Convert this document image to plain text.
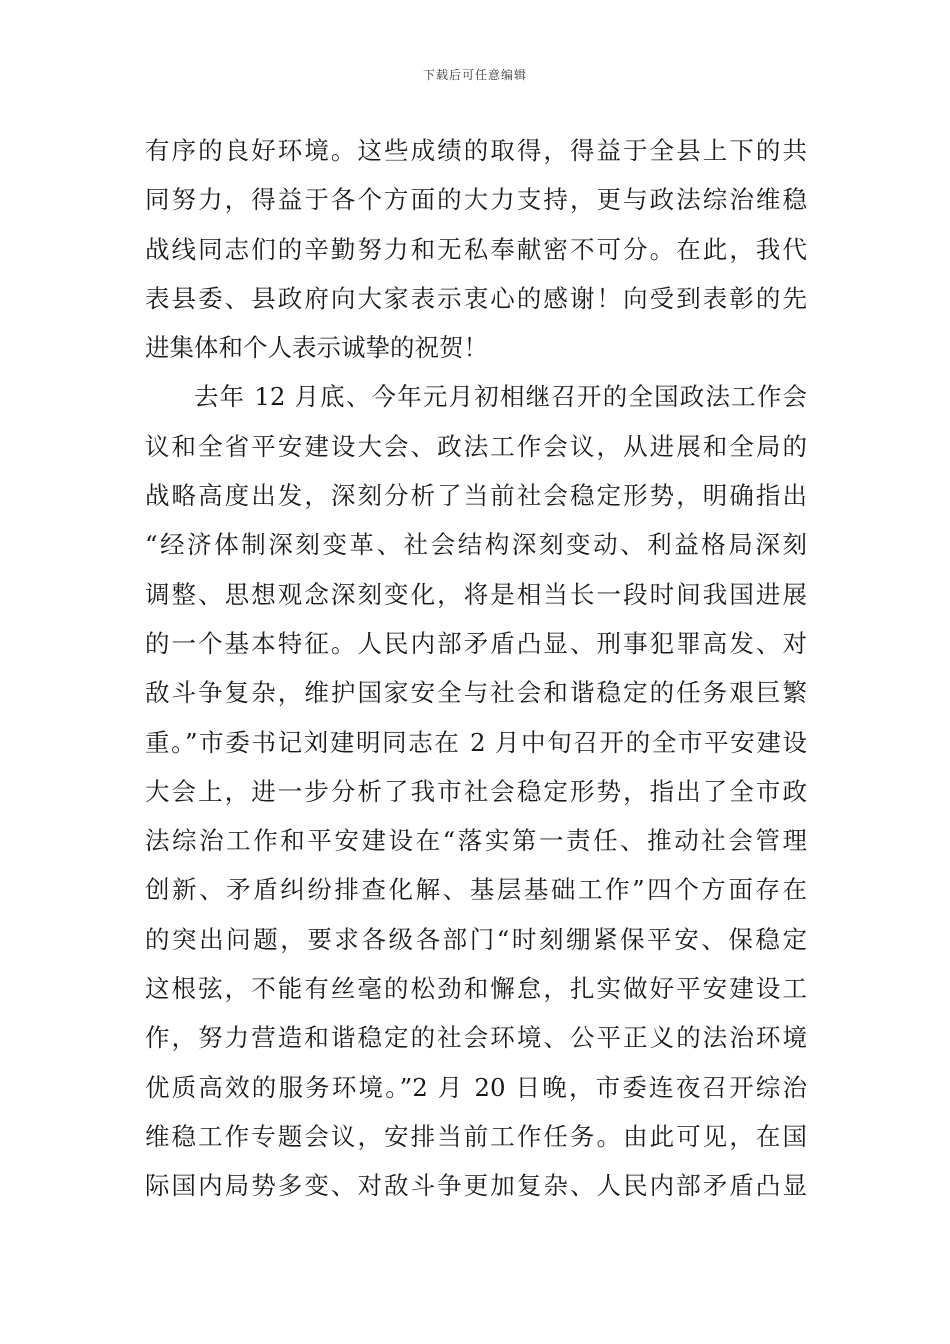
下载后可任意编辑
有序的良好环境。这些成绩的取得，得益于全县上下的共
同努力，得益于各个方面的大力支持，更与政法综治维稳
战线同志们的辛勤努力和无私奉献密不可分。在此，我代
表县委、县政府向大家表示衷心的感谢！向受到表彰的先
进集体和个人表示诚挚的祝贺！
去年 12 月底、今年元月初相继召开的全国政法工作会
议和全省平安建设大会、政法工作会议，从进展和全局的
战略高度出发，深刻分析了当前社会稳定形势，明确指出
“经济体制深刻变革、社会结构深刻变动、利益格局深刻
调整、思想观念深刻变化，将是相当长一段时间我国进展
的一个基本特征。人民内部矛盾凸显、刑事犯罪高发、对
敌斗争复杂，维护国家安全与社会和谐稳定的任务艰巨繁
重。”市委书记刘建明同志在 2 月中旬召开的全市平安建设
大会上，进一步分析了我市社会稳定形势，指出了全市政
法综治工作和平安建设在“落实第一责任、推动社会管理
创新、矛盾纠纷排查化解、基层基础工作”四个方面存在
的突出问题，要求各级各部门“时刻绷紧保平安、保稳定
这根弦，不能有丝毫的松劲和懈怠，扎实做好平安建设工
作，努力营造和谐稳定的社会环境、公平正义的法治环境
优质高效的服务环境。”2 月 20 日晚，市委连夜召开综治
维稳工作专题会议，安排当前工作任务。由此可见，在国
际国内局势多变、对敌斗争更加复杂、人民内部矛盾凸显
